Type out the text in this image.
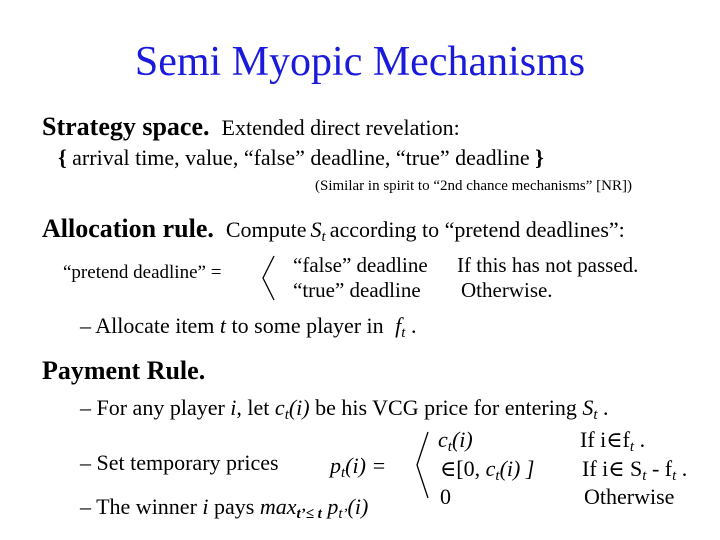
Semi Myopic Mechanisms
Strategy space. Extended direct revelation:
{ arrival time, value, “false” deadline, “true” deadline }
(Similar in spirit to “2nd chance mechanisms” [NR])
Allocation rule. Compute St according to “pretend deadlines”:
“pretend deadline” =	“false” deadline If this has not passed.
“true” deadline Otherwise.
– Allocate item t to some player in $f_t$ .
Payment Rule.
– For any player i, let $c_t(i)$ be his VCG price for entering $S_t$ .
– Set temporary prices $p_t(i)$ =
$c_t(i)$	If $i\in f_t$ .
∈[0, $c_t(i)$ ] If i∈ $S_t - f_t$ .
0	Otherwise
– The winner i pays $\max_{t’\le t} p_{t’}(i)$
